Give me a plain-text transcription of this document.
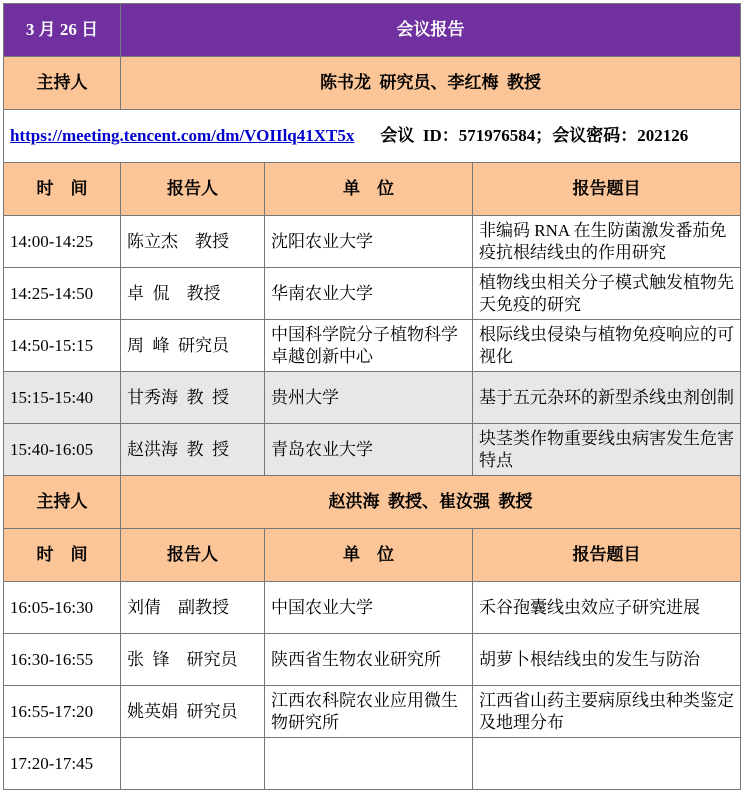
3 月 26 日	会议报告		
主持人	陈书龙  研究员、李红梅  教授		
https://meeting.tencent.com/dm/VOIIlq41XT5x 会议  ID：571976584；会议密码：202126			
时    间	报告人	单    位	报告题目
14:00-14:25	陈立杰    教授	沈阳农业大学	非编码 RNA 在生防菌激发番茄免疫抗根结线虫的作用研究
14:25-14:50	卓  侃    教授	华南农业大学	植物线虫相关分子模式触发植物先天免疫的研究
14:50-15:15	周  峰  研究员	中国科学院分子植物科学卓越创新中心	根际线虫侵染与植物免疫响应的可视化
15:15-15:40	甘秀海  教  授	贵州大学	基于五元杂环的新型杀线虫剂创制
15:40-16:05	赵洪海  教  授	青岛农业大学	块茎类作物重要线虫病害发生危害特点
主持人	赵洪海  教授、崔汝强  教授		
时    间	报告人	单    位	报告题目
16:05-16:30	刘倩    副教授	中国农业大学	禾谷孢囊线虫效应子研究进展
16:30-16:55	张  锋    研究员	陕西省生物农业研究所	胡萝卜根结线虫的发生与防治
16:55-17:20	姚英娟  研究员	江西农科院农业应用微生物研究所	江西省山药主要病原线虫种类鉴定及地理分布
17:20-17:45			
